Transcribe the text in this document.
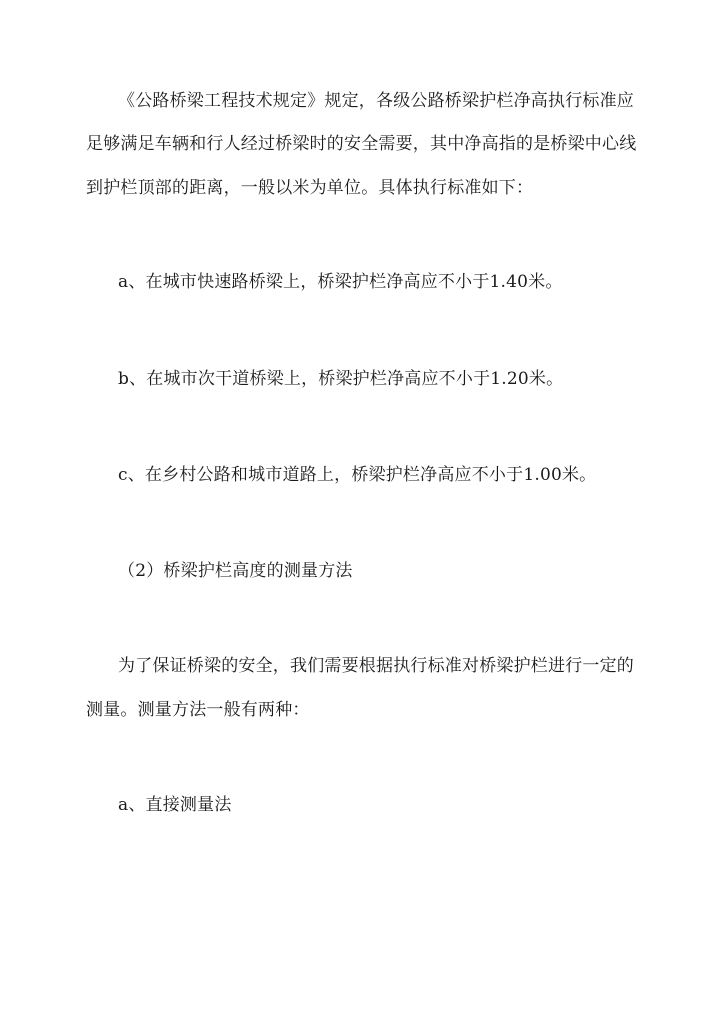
《公路桥梁工程技术规定》规定，各级公路桥梁护栏净高执行标准应
足够满足车辆和行人经过桥梁时的安全需要，其中净高指的是桥梁中心线
到护栏顶部的距离，一般以米为单位。具体执行标准如下：
a、在城市快速路桥梁上，桥梁护栏净高应不小于1.40米。
b、在城市次干道桥梁上，桥梁护栏净高应不小于1.20米。
c、在乡村公路和城市道路上，桥梁护栏净高应不小于1.00米。
（2）桥梁护栏高度的测量方法
为了保证桥梁的安全，我们需要根据执行标准对桥梁护栏进行一定的
测量。测量方法一般有两种：
a、直接测量法
